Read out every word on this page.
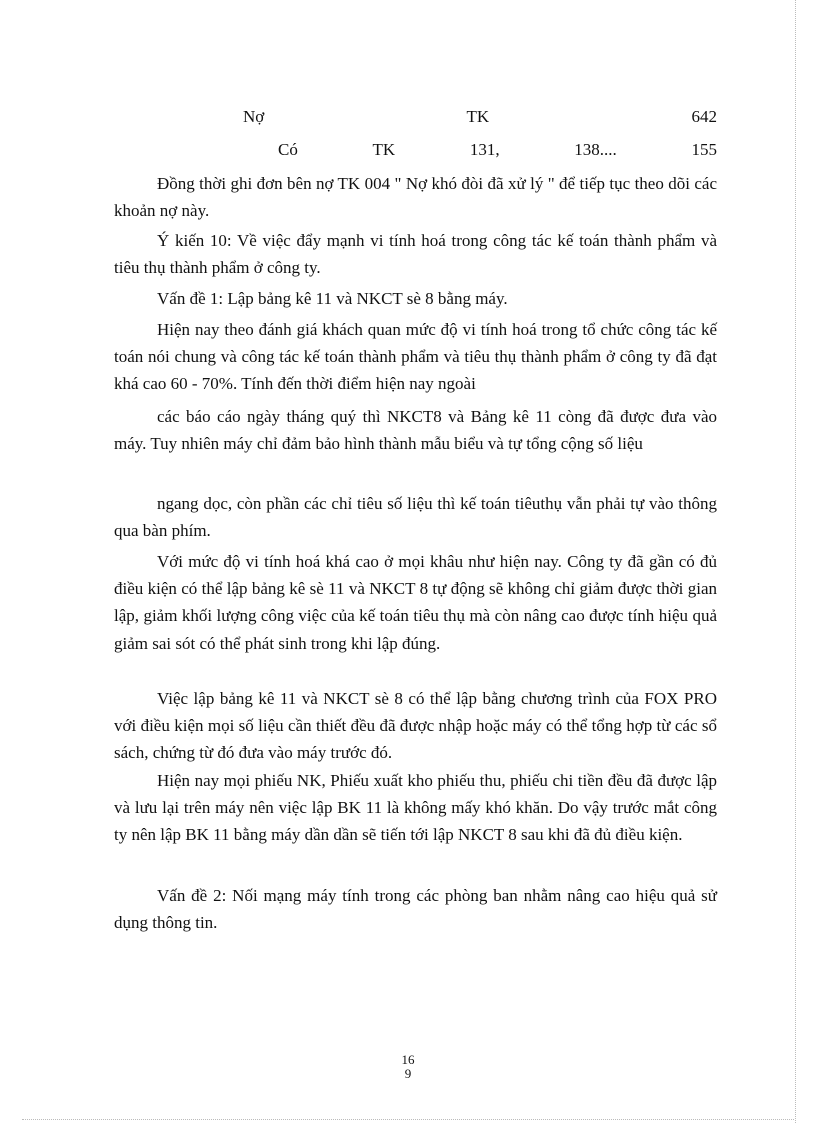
Nợ	TK	642
Có	TK	131,	138....	155
Đồng thời ghi đơn bên nợ TK 004 " Nợ khó đòi đã xử lý " để tiếp tục theo dõi các khoản nợ này.
Ý kiến 10: Về việc đẩy mạnh vi tính hoá trong công tác kế toán thành phẩm và tiêu thụ thành phẩm ở công ty.
Vấn đề 1: Lập bảng kê 11 và NKCT sè 8 bằng máy.
Hiện nay theo đánh giá khách quan mức độ vi tính hoá trong tổ chức công tác kế toán nói chung và công tác kế toán thành phẩm và tiêu thụ thành phẩm ở công ty đã đạt khá cao 60 - 70%. Tính đến thời điểm hiện nay ngoài
các báo cáo ngày tháng quý thì NKCT8 và Bảng kê 11 còng đã được đưa vào máy. Tuy nhiên máy chỉ đảm bảo hình thành mẫu biểu và tự tổng cộng số liệu
ngang dọc, còn phần các chỉ tiêu số liệu thì kế toán tiêuthụ vẫn phải tự vào thông qua bàn phím.
Với mức độ vi tính hoá khá cao ở mọi khâu như hiện nay. Công ty đã gần có đủ điều kiện có thể lập bảng kê sè 11 và NKCT 8 tự động sẽ không chỉ giảm được thời gian lập, giảm khối lượng công việc của kế toán tiêu thụ mà còn nâng cao được tính hiệu quả giảm sai sót có thể phát sinh trong khi lập đúng.
Việc lập bảng kê 11 và NKCT sè 8 có thể lập bằng chương trình của FOX PRO với điều kiện mọi số liệu cần thiết đều đã được nhập hoặc máy có thể tổng hợp từ các sổ sách, chứng từ đó đưa vào máy trước đó.
Hiện nay mọi phiếu NK, Phiếu xuất kho phiếu thu, phiếu chi tiền đều đã được lập và lưu lại trên máy nên việc lập BK 11 là không mấy khó khăn. Do vậy trước mắt công ty nên lập BK 11 bằng máy dần dần sẽ tiến tới lập NKCT 8 sau khi đã đủ điều kiện.
Vấn đề 2: Nối mạng máy tính trong các phòng ban nhằm nâng cao hiệu quả sử dụng thông tin.
16
9
